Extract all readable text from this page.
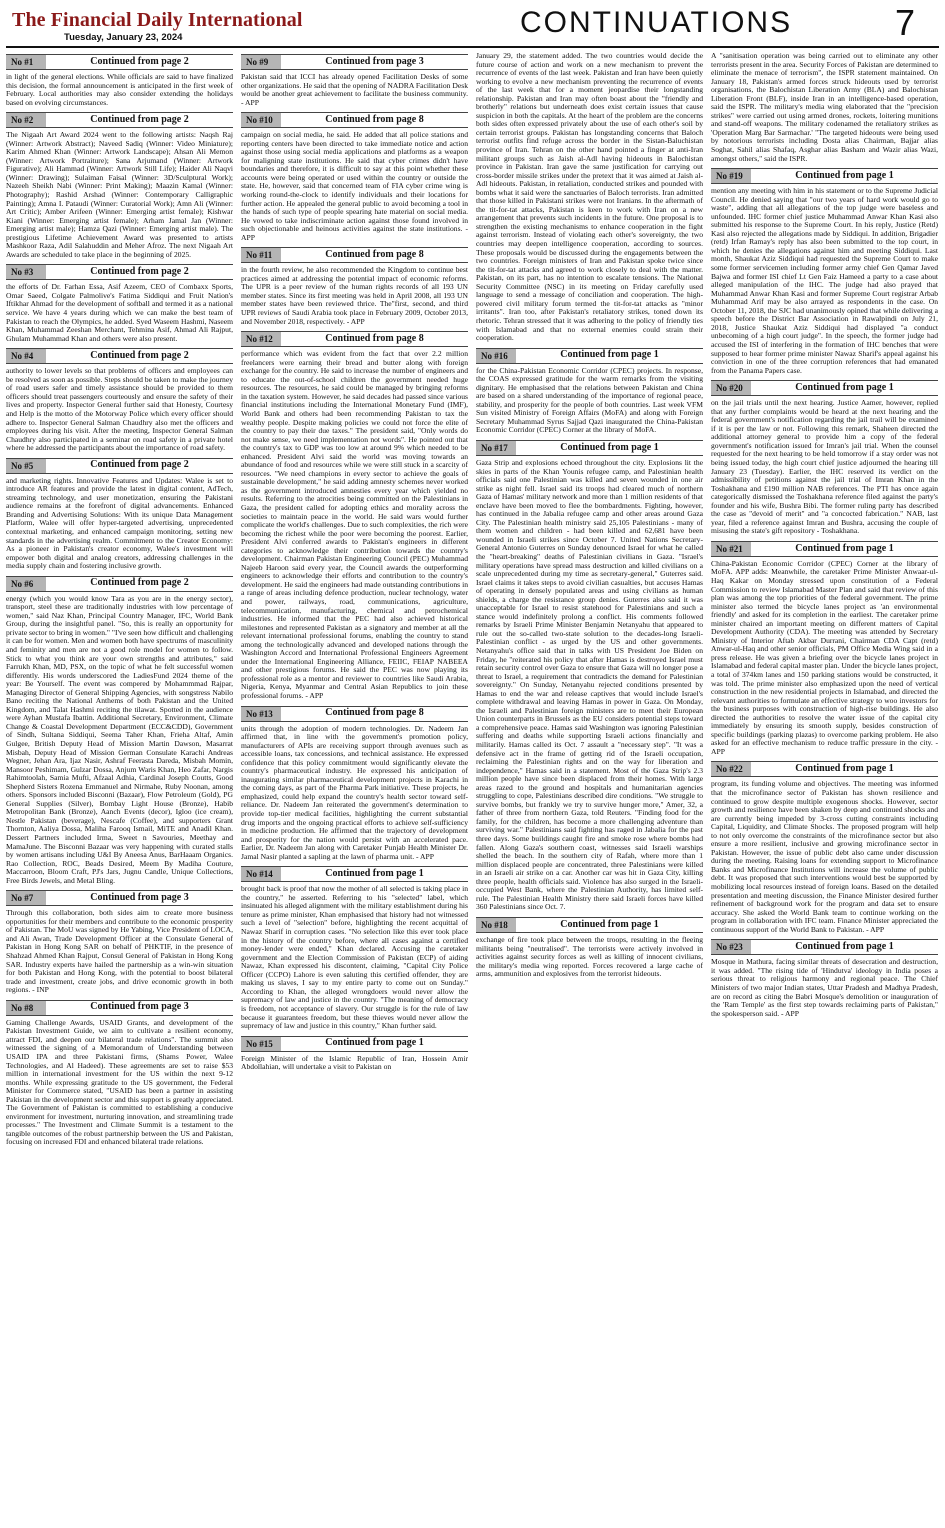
The Financial Daily International
Tuesday, January 23, 2024	CONTINUATIONS	7
No #1	Continued from page 2

in light of the general elections. While officials are said to have finalized this decision, the formal announcement is anticipated in the first week of February. Local authorities may also consider extending the holidays based on evolving circumstances.

No #2	Continued from page 2

The Nigaah Art Award 2024 went to the following artists: Naqsh Raj (Winner: Artwork Abstract); Naveed Sadiq (Winner: Video Miniature); Karim Ahmed Khan (Winner: Artwork Landscape); Ahsan Ali Memon (Winner: Artwork Portraiture); Sana Arjumand (Winner: Artwork Figurative); Ali Hammad (Winner: Artwork Still Life); Haider Ali Naqvi (Winner: Drawing); Sulaiman Faisal (Winner: 3D/Sculptural Work); Nazeeh Sheikh Nabi (Winner: Print Making); Maazin Kamal (Winner: Photography); Rashid Arshad (Winner: Contemporary Calligraphic Painting); Amna I. Pataudi (Winner: Curatorial Work); Amn Ali (Winner: Art Critic); Amber Arifeen (Winner: Emerging artist female); Kishwar Kiani (Winner: Emerging artist female); Arham Jamal Jan (Winner: Emerging artist male); Hamza Qazi (Winner: Emerging artist male). The prestigious Lifetime Achievement Award was presented to artists Mashkoor Raza, Adil Salahuddin and Meher Afroz. The next Nigaah Art Awards are scheduled to take place in the beginning of 2025.

No #3	Continued from page 2

the efforts of Dr. Farhan Essa, Asif Azeem, CEO of Combaxx Sports, Omar Saeed, Colgate Palmolive's Fatima Siddiqui and Fruit Nation's Iftikhar Ahmad for the development of softball and termed it as a national service. We have 4 years during which we can make the best team of Pakistan to reach the Olympics, he added. Syed Waseem Hashmi, Naseem Khan, Muhammad Zeeshan Merchant, Tehmina Asif, Ahmad Ali Rajput, Ghulam Muhammad Khan and others were also present.

No #4	Continued from page 2

authority to lower levels so that problems of officers and employees can be resolved as soon as possible. Steps should be taken to make the journey of road users safer and timely assistance should be provided to them officers should treat passengers courteously and ensure the safety of their lives and property. Inspector General further said that Honesty, Courtesy and Help is the motto of the Motorway Police which every officer should adhere to. Inspector General Salman Chaudhry also met the officers and employees during his visit. After the meeting, Inspector General Salman Chaudhry also participated in a seminar on road safety in a private hotel where he addressed the participants about the importance of road safety.

No #5	Continued from page 2

and marketing rights. Innovative Features and Updates: Walee is set to introduce AR features and provide the latest in digital content, AdTech, streaming technology, and user monetization, ensuring the Pakistani audience remains at the forefront of digital advancements. Enhanced Branding and Advertising Solutions: With its unique Data Management Platform, Walee will offer hyper-targeted advertising, unprecedented contextual marketing, and enhanced campaign monitoring, setting new standards in the advertising realm. Commitment to the Creator Economy: As a pioneer in Pakistan's creator economy, Walee's investment will empower both digital and analog creators, addressing challenges in the media supply chain and fostering inclusive growth.

No #6	Continued from page 2

energy (which you would know Tara as you are in the energy sector), transport, steel these are traditionally industries with low percentage of women," said Naz Khan, Principal Country Manager, IFC, World Bank Group, during the insightful panel. "So, this is really an opportunity for private sector to bring in women." "I've seen how difficult and challenging it can be for women. Men and women both have spectrums of masculinity and feminity and men are not a good role model for women to follow. Stick to what you think are your own strengths and attributes," said Farrukh Khan, MD, PSX, on the topic of what he felt successful women differently. His words underscored the LadiesFund 2024 theme of the year: Be Yourself. The event was compered by Mohammmad Rajpar, Managing Director of General Shipping Agencies, with songstress Nabilo Bano reciting the National Anthems of both Pakistan and the United Kingdom, and Talat Hashmi reciting the tilawat. Spotted in the audience were Ayhan Mustafa Ibattin. Additional Secretary, Environment, Climate Change & Coastal Development Department (ECC&CDD), Government of Sindh, Sultana Siddiqui, Seema Taher Khan, Frieha Altaf, Amin Gulgee, British Deputy Head of Mission Martin Dawson, Masarrat Misbah, Deputy Head of Mission German Consulate Karachi Andreas Wegner, Jehan Ara, Ijaz Nasir, Ashraf Feerasta Dareda, Misbah Momin, Mansoor Peshimam, Gulzar Dossa, Anjum Waris Khan, Heo Zafar, Nargis Rahimtoolah, Samia Mufti, Afzaal Adhia, Cardinal Joseph Coutts, Good Shepherd Sisters Rozena Emmanuel and Nirmahe, Ruby Noonan, among others. Sponsors included Bisconni (Bazaar), Flow Petroleum (Gold), PG General Supplies (Silver), Bombay Light House (Bronze), Habib Metropolitan Bank (Bronze), Aanch Events (decor), Igloo (ice cream), Nestle Pakistan (beverage), Nescafe (Coffee), and supporters Grant Thornton, Aaliya Dossa, Maliha Farooq Ismail, MiTE and Anadil Khan. Dessert Partners included Irma, Sweet n Savouries, Meethay and MamaJune. The Bisconni Bazaar was very happening with curated stalls by women artisans including U&I By Aneesa Anus, BarHaaam Organics. Rao Collection, ROC, Beads Desired, Meem By Madiha Couture, Maccarroon, Bloom Craft, PJ's Jars, Jugnu Candle, Unique Collections, Free Birds Jewels, and Metal Bling.

No #7	Continued from page 3

Through this collaboration, both sides aim to create more business opportunities for their members and contribute to the economic prosperity of Pakistan. The MoU was signed by He Yabing, Vice President of LOCA, and Ali Awan, Trade Development Officer at the Consulate General of Pakistan in Hong Kong SAR on behalf of PHKTIF, in the presence of Shahzad Ahmed Khan Rajput, Consul General of Pakistan in Hong Kong SAR. Industry experts have hailed the partnership as a win-win situation for both Pakistan and Hong Kong, with the potential to boost bilateral trade and investment, create jobs, and drive economic growth in both regions. - INP

No #8	Continued from page 3

Gaming Challenge Awards, USAID Grants, and development of the Pakistan Investment Guide, we aim to cultivate a resilient economy, attract FDI, and deepen our bilateral trade relations". The summit also witnessed the signing of a Memorandum of Understanding between USAID IPA and three Pakistani firms, (Shams Power, Walee Technologies, and Al Hadeed). These agreements are set to raise $53 million in international investment for the US within the next 9-12 months. While expressing gratitude to the US government, the Federal Minister for Commerce stated, "USAID has been a partner in assisting Pakistan in the development sector and this support is greatly appreciated. The Government of Pakistan is committed to establishing a conducive environment for investment, nurturing innovation, and streamlining trade processes." The Investment and Climate Summit is a testament to the tangible outcomes of the robust partnership between the US and Pakistan, focusing on increased FDI and enhanced bilateral trade relations.

No #9	Continued from page 3

Pakistan said that ICCI has already opened Facilitation Desks of some other organizations. He said that the opening of NADRA Facilitation Desk would be another great achievement to facilitate the business community. - APP

No #10	Continued from page 8

campaign on social media, he said. He added that all police stations and reporting centers have been directed to take immediate notice and action against those using social media applications and platforms as a weapon for maligning state institutions. He said that cyber crimes didn't have boundaries and therefore, it is difficult to say at this point whether these accounts were being operated or used within the country or outside the state. He, however, said that concerned team of FIA cyber crime wing is working round-the-clock to identify individuals and their locations for further action. He appealed the general public to avoid becoming a tool in the hands of such type of people spearing hate material on social media. He vowed to take indiscriminate action against those found involved in such objectionable and heinous activities against the state institutions. - APP

No #11	Continued from page 8

in the fourth review, he also recommended the Kingdom to continue best practices aimed at addressing the potential impact of economic reforms. The UPR is a peer review of the human rights records of all 193 UN member states. Since its first meeting was held in April 2008, all 193 UN member states have been reviewed thrice. The"first, second, and third UPR reviews of Saudi Arabia took place in February 2009, October 2013, and November 2018, respectively. - APP

No #12	Continued from page 8

performance which was evident from the fact that over 2.2 million freelancers were earning their bread and butter along with foreign exchange for the country. He said to increase the number of engineers and to educate the out-of-school children the government needed huge resources. The resources, he said could be managed by bringing reforms in the taxation system. However, he said decades had passed since various financial institutions including the International Monetary Fund (IMF), World Bank and others had been recommending Pakistan to tax the wealthy people. Despite making policies we could not force the elite of the country to pay their due taxes." The president said, "Only words do not make sense, we need implementation not words". He pointed out that the country's tax to GDP was too low at around 9% which needed to be enhanced. President Alvi said the world was moving towards an abundance of food and resources while we were still stuck in a scarcity of resources. "We need champions in every sector to achieve the goals of sustainable development," he said adding amnesty schemes never worked as the government introduced amnesties every year which yielded no results. Referring to the atrocities being committed on the Palestinians in Gaza, the president called for adopting ethics and morality across the societies to maintain peace in the world. He said wars would further complicate the world's challenges. Due to such complexities, the rich were becoming the richest while the poor were becoming the poorest. Earlier, President Alvi conferred awards to Pakistan's engineers in different categories to acknowledge their contribution towards the country's development. Chairman Pakistan Engineering Council (PEC) Muhammad Najeeb Haroon said every year, the Council awards the outperforming engineers to acknowledge their efforts and contribution to the country's development. He said the engineers had made outstanding contributions in a range of areas including defence production, nuclear technology, water and power, railways, road, communications, agriculture, telecommunication, manufacturing, chemical and petrochemical industries. He informed that the PEC had also achieved historical milestones and represented Pakistan as a signatory and member at all the relevant international professional forums, enabling the country to stand among the technologically advanced and developed nations through the Washington Accord and International Professional Engineers Agreement under the International Engineering Alliance, FEIIC, FEIAP NABEEA and other prestigious forums. He said the PEC was now playing its professional role as a mentor and reviewer to countries like Saudi Arabia, Nigeria, Kenya, Myanmar and Central Asian Republics to join these professional forums. - APP

No #13	Continued from page 8

units through the adoption of modern technologies. Dr. Nadeem Jan affirmed that, in line with the government's promotion policy, manufacturers of APIs are receiving support through avenues such as accessible loans, tax concessions, and technical assistance. He expressed confidence that this policy commitment would significantly elevate the country's pharmaceutical industry. He expressed his anticipation of inaugurating similar pharmaceutical development projects in Karachi in the coming days, as part of the Pharma Park initiative. These projects, he emphasized, could help expand the country's health sector toward self-reliance. Dr. Nadeem Jan reiterated the government's determination to provide top-tier medical facilities, highlighting the current substantial drug imports and the ongoing practical efforts to achieve self-sufficiency in medicine production. He affirmed that the trajectory of development and prosperity for the nation would persist with an accelerated pace. Earlier, Dr. Nadeem Jan along with Caretaker Punjab Health Minister Dr. Jamal Nasir planted a sapling at the lawn of pharma unit. - APP

No #14	Continued from page 1

brought back is proof that now the mother of all selected is taking place in the country," he asserted. Referring to his "selected" label, which insinuated his alleged alignment with the military establishment during his tenure as prime minister, Khan emphasised that history had not witnessed such a level of "selection" before, highlighting the recent acquittal of Nawaz Sharif in corruption cases. "No selection like this ever took place in the history of the country before, where all cases against a certified money-lender were ended," Khan declared. Accusing the caretaker government and the Election Commission of Pakistan (ECP) of aiding Nawaz, Khan expressed his discontent, claiming, "Capital City Police Officer (CCPO) Lahore is even saluting this certified offender, they are making us slaves, I say to my entire party to come out on Sunday." According to Khan, the alleged wrongdoers would never allow the supremacy of law and justice in the country. "The meaning of democracy is freedom, not acceptance of slavery. Our struggle is for the rule of law because it guarantees freedom, but these thieves would never allow the supremacy of law and justice in this country," Khan further said.

No #15	Continued from page 1

Foreign Minister of the Islamic Republic of Iran, Hossein Amir Abdollahian, will undertake a visit to Pakistan on

January 29, the statement added. The two countries would decide the future course of action and work on a new mechanism to prevent the recurrence of events of the last week. Pakistan and Iran have been quietly working to evolve a new mechanism preventing the recurrence of events of the last week that for a moment jeopardise their longstanding relationship. Pakistan and Iran may often boast about the "friendly and brotherly" relations but underneath does exist certain issues that cause suspicion in both the capitals. At the heart of the problem are the concerns both sides often expressed privately about the use of each other's soil by certain terrorist groups. Pakistan has longstanding concerns that Baloch terrorist outfits find refuge across the border in the Sistan-Baluchistan province of Iran. Tehran on the other hand pointed a finger at anti-Iran militant groups such as Jaish al-Adl having hideouts in Balochistan province in Pakistan. Iran gave the same justification for carrying out cross-border missile strikes under the pretext that it was aimed at Jaish al-Adl hideouts. Pakistan, in retaliation, conducted strikes and pounded with bombs what it said were the sanctuaries of Baloch terrorists. Iran admitted that those killed in Pakistani strikes were not Iranians. In the aftermath of the tit-for-tat attacks, Pakistan is keen to work with Iran on a new arrangement that prevents such incidents in the future. One proposal is to strengthen the existing mechanisms to enhance cooperation in the fight against terrorism. Instead of violating each other's sovereignty, the two countries may deepen intelligence cooperation, according to sources. These proposals would be discussed during the engagements between the two countries. Foreign ministers of Iran and Pakistan spoke twice since the tit-for-tat attacks and agreed to work closely to deal with the matter. Pakistan, on its part, has no intention to escalate tensions. The National Security Committee (NSC) in its meeting on Friday carefully used language to send a message of conciliation and cooperation. The high-powered civil military forum termed the tit-for-tat attacks as "minor irritants". Iran too, after Pakistan's retaliatory strikes, toned down its rhetoric. Tehran stressed that it was adhering to the policy of friendly ties with Islamabad and that no external enemies could strain their cooperation.

No #16	Continued from page 1

for the China-Pakistan Economic Corridor (CPEC) projects. In response, the COAS expressed gratitude for the warm remarks from the visiting dignitary. He emphasised that the relations between Pakistan and China are based on a shared understanding of the importance of regional peace, stability, and prosperity for the people of both countries. Last week VFM Sun visited Ministry of Foreign Affairs (MoFA) and along with Foreign Secretary Muhammad Syrus Sajjad Qazi inaugurated the China-Pakistan Economic Corridor (CPEC) Corner at the library of MoFA.

No #17	Continued from page 1

Gaza Strip and explosions echoed throughout the city. Explosions lit the skies in parts of the Khan Younis refugee camp, and Palestinian health officials said one Palestinian was killed and seven wounded in one air strike as night fell. Israel said its troops had cleared much of northern Gaza of Hamas' military network and more than 1 million residents of that enclave have been moved to flee the bombardments. Fighting, however, has continued in the Jabalia refugee camp and other areas around Gaza City. The Palestinian health ministry said 25,105 Palestinians - many of them women and children - had been killed and 62,681 have been wounded in Israeli strikes since October 7. United Nations Secretary-General Antonio Guterres on Sunday denounced Israel for what he called the "heart-breaking" deaths of Palestinian civilians in Gaza. "Israel's military operations have spread mass destruction and killed civilians on a scale unprecedented during my time as secretary-general," Guterres said. Israel claims it takes steps to avoid civilian casualties, but accuses Hamas of operating in densely populated areas and using civilians as human shields, a charge the resistance group denies. Guterres also said it was unacceptable for Israel to resist statehood for Palestinians and such a stance would indefinitely prolong a conflict. His comments followed remarks by Israeli Prime Minister Benjamin Netanyahu that appeared to rule out the so-called two-state solution to the decades-long Israeli-Palestinian conflict - as urged by the US and other governments. Netanyahu's office said that in talks with US President Joe Biden on Friday, he "reiterated his policy that after Hamas is destroyed Israel must retain security control over Gaza to ensure that Gaza will no longer pose a threat to Israel, a requirement that contradicts the demand for Palestinian sovereignty." On Sunday, Netanyahu rejected conditions presented by Hamas to end the war and release captives that would include Israel's complete withdrawal and leaving Hamas in power in Gaza. On Monday, the Israeli and Palestinian foreign ministers are to meet their European Union counterparts in Brussels as the EU considers potential steps toward a comprehensive peace. Hamas said Washington was ignoring Palestinian suffering and deaths while supporting Israeli actions financially and militarily. Hamas called its Oct. 7 assault a "necessary step". "It was a defensive act in the frame of getting rid of the Israeli occupation, reclaiming the Palestinian rights and on the way for liberation and independence," Hamas said in a statement. Most of the Gaza Strip's 2.3 million people have since been displaced from their homes. With large areas razed to the ground and hospitals and humanitarian agencies struggling to cope, Palestinians described dire conditions. "We struggle to survive bombs, but frankly we try to survive hunger more," Amer, 32, a father of three from northern Gaza, told Reuters. "Finding food for the family, for the children, has become a more challenging adventure than surviving war." Palestinians said fighting has raged in Jabalia for the past three days. Some buildings caught fire and smoke rose where bombs had fallen. Along Gaza's southern coast, witnesses said Israeli warships shelled the beach. In the southern city of Rafah, where more than 1 million displaced people are concentrated, three Palestinians were killed in an Israeli air strike on a car. Another car was hit in Gaza City, killing three people, health officials said. Violence has also surged in the Israeli-occupied West Bank, where the Palestinian Authority, has limited self-rule. The Palestinian Health Ministry there said Israeli forces have killed 360 Palestinians since Oct. 7.

No #18	Continued from page 1

exchange of fire took place between the troops, resulting in the fleeing militants being "neutralised". The terrorists were actively involved in activities against security forces as well as killing of innocent civilians, the military's media wing reported. Forces recovered a large cache of arms, ammunition and explosives from the terrorist hideouts.

A "sanitisation operation was being carried out to eliminate any other terrorists present in the area. Security Forces of Pakistan are determined to eliminate the menace of terrorism", the ISPR statement maintained. On January 18, Pakistan's armed forces struck hideouts used by terrorist organisations, the Balochistan Liberation Army (BLA) and Balochistan Liberation Front (BLF), inside Iran in an intelligence-based operation, said the ISPR. The military's media wing elaborated that the "precision strikes" were carried out using armed drones, rockets, loitering munitions and stand-off weapons. The military codenamed the retaliatory strikes as 'Operation Marg Bar Sarmachar.' "The targeted hideouts were being used by notorious terrorists including Dosta alias Chairman, Bajjar alias Soghat, Sahil alias Shafaq, Asghar alias Basham and Wazir alias Wazi, amongst others," said the ISPR.

No #19	Continued from page 1

mention any meeting with him in his statement or to the Supreme Judicial Council. He denied saying that "our two years of hard work would go to waste", adding that all allegations of the top judge were baseless and unfounded. IHC former chief justice Muhammad Anwar Khan Kasi also submitted his response to the Supreme Court. In his reply, Justice (Retd) Kasi also rejected the allegations made by Siddiqui. In addition, Brigadier (retd) Irfan Ramay's reply has also been submitted to the top court, in which he denies the allegations against him and meeting Siddiqui. Last month, Shaukat Aziz Siddiqui had requested the Supreme Court to make some former servicemen including former army chief Gen Qamar Javed Bajwa and former ISI chief Lt Gen Faiz Hameed a party to a case about alleged manipulation of the IHC. The judge had also prayed that Muhammad Anwar Khan Kasi and former Supreme Court registrar Arbab Muhammad Arif may be also arrayed as respondents in the case. On October 11, 2018, the SJC had unanimously opined that while delivering a speech before the District Bar Association in Rawalpindi on July 21, 2018, Justice Shaukat Aziz Siddiqui had displayed "a conduct unbecoming of a high court judge". In the speech, the former judge had accused the ISI of interfering in the formation of IHC benches that were supposed to hear former prime minister Nawaz Sharif's appeal against his conviction in one of the three corruption references that had emanated from the Panama Papers case.

No #20	Continued from page 1

on the jail trials until the next hearing. Justice Aamer, however, replied that any further complaints would be heard at the next hearing and the federal government's notification regarding the jail trail will be examined if it is per the law or not. Following this remark, Shaheen directed the additional attorney general to provide him a copy of the federal government's notification issued for Imran's jail trial. When the counsel requested for the next hearing to be held tomorrow if a stay order was not being issued today, the high court chief justice adjourned the hearing till January 23 (Tuesday). Earlier, the IHC reserved its verdict on the admissibility of petitions against the jail trial of Imran Khan in the Toshakhana and £190 million NAB references. The PTI has once again categorically dismissed the Toshakhana reference filed against the party's founder and his wife, Bushra Bibi. The former ruling party has described the case as "devoid of merit" and "a concocted fabrication." NAB, last year, filed a reference against Imran and Bushra, accusing the couple of misusing the state's gift repository - Toshakhana.

No #21	Continued from page 1

China-Pakistan Economic Corridor (CPEC) Corner at the library of MoFA. APP adds: Meanwhile, the caretaker Prime Minister Anwaar-ul-Haq Kakar on Monday stressed upon constitution of a Federal Commission to review Islamabad Master Plan and said that review of this plan was among the top priorities of the federal government. The prime minister also termed the bicycle lanes project as 'an environmental friendly' and asked for its completion in the earliest. The caretaker prime minister chaired an important meeting on different matters of Capital Development Authority (CDA). The meeting was attended by Secretary Ministry of Interior Aftab Akbar Durrani, Chairman CDA Capt (retd) Anwar-ul-Haq and other senior officials, PM Office Media Wing said in a press release. He was given a briefing over the bicycle lanes project in Islamabad and federal capital master plan. Under the bicycle lanes project, a total of 374km lanes and 150 parking stations would be constructed, it was told. The prime minister also emphasized upon the need of vertical construction in the new residential projects in Islamabad, and directed the relevant authorities to formulate an effective strategy to woo investors for the business purposes with construction of high-rise buildings. He also directed the authorities to resolve the water issue of the capital city immediately by ensuring its smooth supply, besides construction of specific buildings (parking plazas) to overcome parking problem. He also asked for an effective mechanism to reduce traffic pressure in the city. - APP

No #22	Continued from page 1

program, its funding volume and objectives. The meeting was informed that the microfinance sector of Pakistan has shown resilience and continued to grow despite multiple exogenous shocks. However, sector growth and resilience have been shaken by deep and continued shocks and are currently being impeded by 3-cross cutting constraints including Capital, Liquidity, and Climate Shocks. The proposed program will help to not only overcome the constraints of the microfinance sector but also ensure a more resilient, inclusive and growing microfinance sector in Pakistan. However, the issue of public debt also came under discussion during the meeting. Raising loans for extending support to Microfinance Banks and Microfinance Institutions will increase the volume of public debt. It was proposed that such interventions would best be supported by mobilizing local resources instead of foreign loans. Based on the detailed presentation and meeting discussion, the Finance Minister desired further refinement of background work for the program and data set to ensure accuracy. She asked the World Bank team to continue working on the program in collaboration with IFC team. Finance Minister appreciated the continuous support of the World Bank to Pakistan. - APP

No #23	Continued from page 1

Mosque in Mathura, facing similar threats of desecration and destruction, it was added. "The rising tide of 'Hindutva' ideology in India poses a serious threat to religious harmony and regional peace. The Chief Ministers of two major Indian states, Uttar Pradesh and Madhya Pradesh, are on record as citing the Babri Mosque's demolition or inauguration of the 'Ram Temple' as the first step towards reclaiming parts of Pakistan," the spokesperson said. - APP
